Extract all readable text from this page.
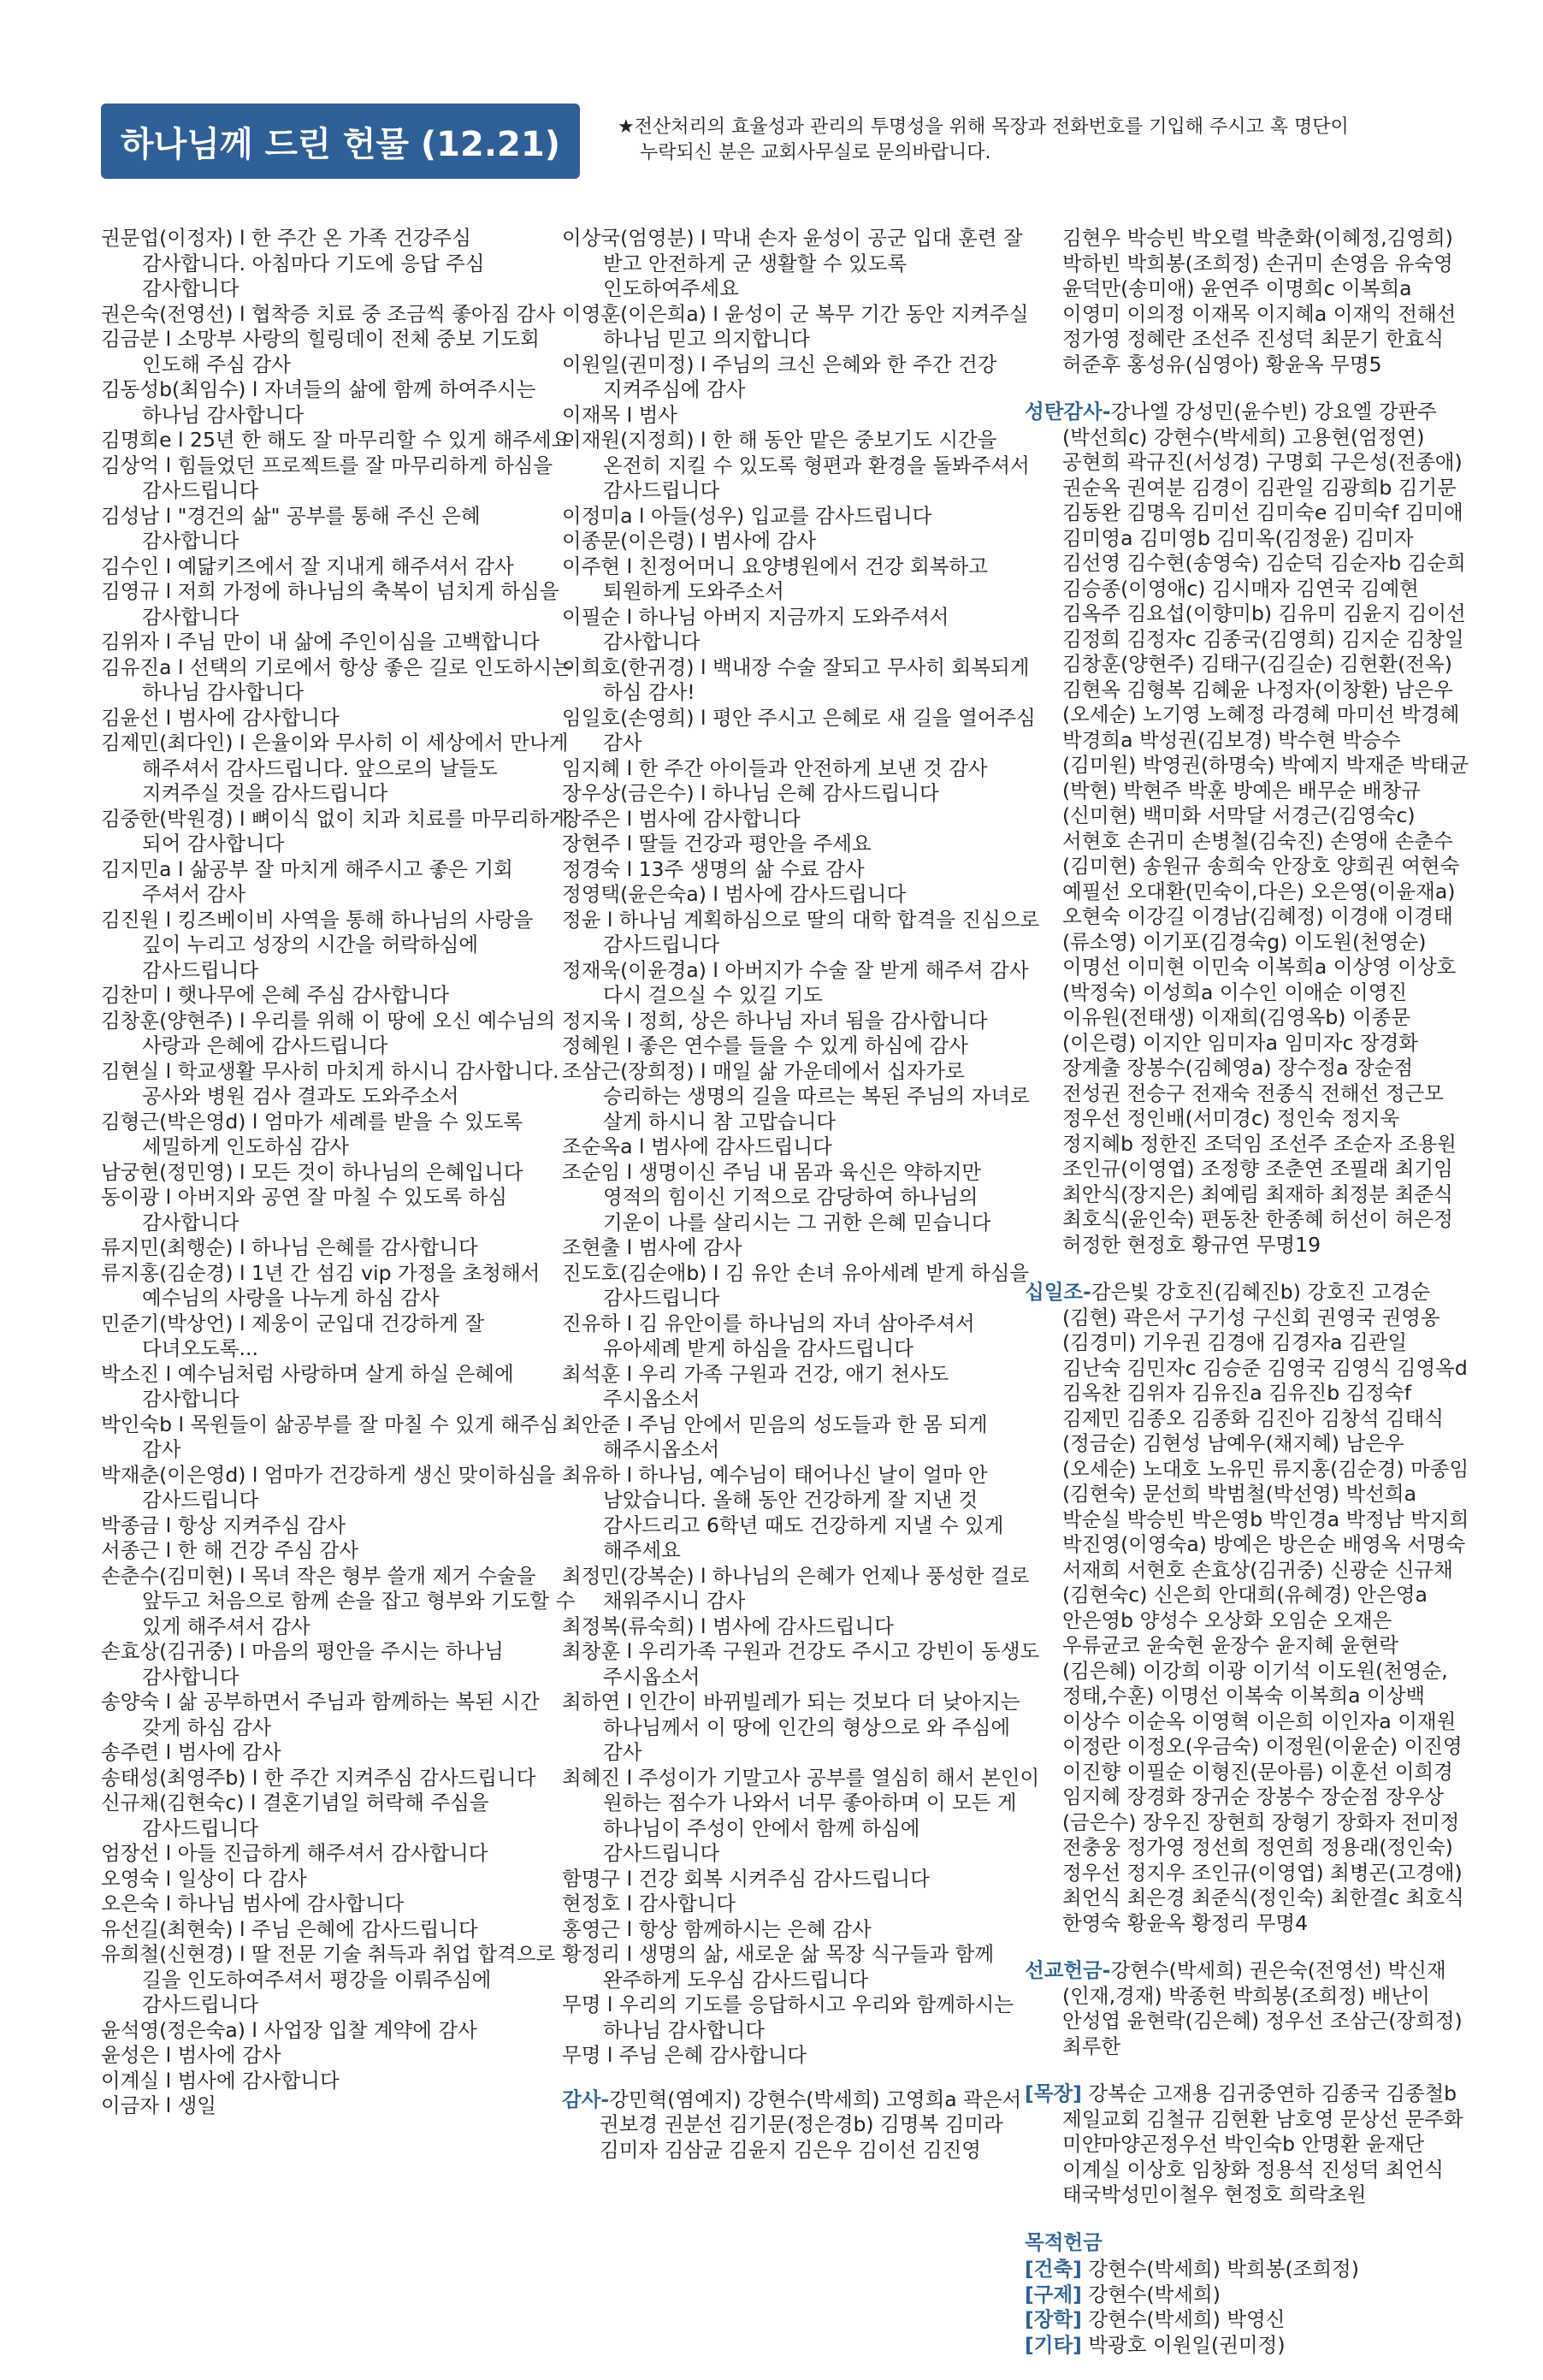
하나님께 드린 헌물 (12.21)	★전산처리의 효율성과 관리의 투명성을 위해 목장과 전화번호를 기입해 주시고 혹 명단이
누락되신 분은 교회사무실로 문의바랍니다.

권문업(이정자) l 한 주간 온 가족 건강주심 감사합니다. 아침마다 기도에 응답 주심 감사합니다

권은숙(전영선) l 협착증 치료 중 조금씩 좋아짐 감사

김금분 l 소망부 사랑의 힐링데이 전체 중보 기도회 인도해 주심 감사

김동성b(최임수) l 자녀들의 삶에 함께 하여주시는 하나님 감사합니다

김명희e l 25년 한 해도 잘 마무리할 수 있게 해주세요

김상억 l 힘들었던 프로젝트를 잘 마무리하게 하심을 감사드립니다

김성남 l "경건의 삶" 공부를 통해 주신 은혜 감사합니다

김수인 l 예닮키즈에서 잘 지내게 해주셔서 감사

김영규 l 저희 가정에 하나님의 축복이 넘치게 하심을 감사합니다

김위자 l 주님 만이 내 삶에 주인이심을 고백합니다

김유진a l 선택의 기로에서 항상 좋은 길로 인도하시는 하나님 감사합니다

김윤선 l 범사에 감사합니다

김제민(최다인) l 은율이와 무사히 이 세상에서 만나게 해주셔서 감사드립니다. 앞으로의 날들도 지켜주실 것을 감사드립니다

김중한(박원경) l 뼈이식 없이 치과 치료를 마무리하게 되어 감사합니다

김지민a l 삶공부 잘 마치게 해주시고 좋은 기회 주셔서 감사

김진원 l 킹즈베이비 사역을 통해 하나님의 사랑을 깊이 누리고 성장의 시간을 허락하심에 감사드립니다

김찬미 l 햇나무에 은혜 주심 감사합니다

김창훈(양현주) l 우리를 위해 이 땅에 오신 예수님의 사랑과 은혜에 감사드립니다

김현실 l 학교생활 무사히 마치게 하시니 감사합니다. 공사와 병원 검사 결과도 도와주소서

김형근(박은영d) l 엄마가 세례를 받을 수 있도록 세밀하게 인도하심 감사

남궁현(정민영) l 모든 것이 하나님의 은혜입니다

동이광 l 아버지와 공연 잘 마칠 수 있도록 하심 감사합니다

류지민(최행순) l 하나님 은혜를 감사합니다

류지홍(김순경) l 1년 간 섬김 vip 가정을 초청해서 예수님의 사랑을 나누게 하심 감사

민준기(박상언) l 제웅이 군입대 건강하게 잘 다녀오도록...

박소진 l 예수님처럼 사랑하며 살게 하실 은혜에 감사합니다

박인숙b l 목원들이 삶공부를 잘 마칠 수 있게 해주심 감사

박재춘(이은영d) l 엄마가 건강하게 생신 맞이하심을 감사드립니다

박종금 l 항상 지켜주심 감사

서종근 l 한 해 건강 주심 감사

손춘수(김미현) l 목녀 작은 형부 쓸개 제거 수술을 앞두고 처음으로 함께 손을 잡고 형부와 기도할 수 있게 해주셔서 감사

손효상(김귀중) l 마음의 평안을 주시는 하나님 감사합니다

송양숙 l 삶 공부하면서 주님과 함께하는 복된 시간 갖게 하심 감사

송주련 l 범사에 감사

송태성(최영주b) l 한 주간 지켜주심 감사드립니다

신규채(김현숙c) l 결혼기념일 허락해 주심을 감사드립니다

엄장선 l 아들 진급하게 해주셔서 감사합니다

오영숙 l 일상이 다 감사

오은숙 l 하나님 범사에 감사합니다

유선길(최현숙) l 주님 은혜에 감사드립니다

유희철(신현경) l 딸 전문 기술 취득과 취업 합격으로 길을 인도하여주셔서 평강을 이뤄주심에 감사드립니다

윤석영(정은숙a) l 사업장 입찰 계약에 감사

윤성은 l 범사에 감사

이계실 l 범사에 감사합니다

이금자 l 생일

이상국(엄영분) l 막내 손자 윤성이 공군 입대 훈련 잘 받고 안전하게 군 생활할 수 있도록 인도하여주세요

이영훈(이은희a) l 윤성이 군 복무 기간 동안 지켜주실 하나님 믿고 의지합니다

이원일(권미정) l 주님의 크신 은혜와 한 주간 건강 지켜주심에 감사

이재목 l 범사

이재원(지정희) l 한 해 동안 맡은 중보기도 시간을 온전히 지킬 수 있도록 형편과 환경을 돌봐주셔서 감사드립니다

이정미a l 아들(성우) 입교를 감사드립니다

이종문(이은령) l 범사에 감사

이주현 l 친정어머니 요양병원에서 건강 회복하고 퇴원하게 도와주소서

이필순 l 하나님 아버지 지금까지 도와주셔서 감사합니다

이희호(한귀경) l 백내장 수술 잘되고 무사히 회복되게 하심 감사!

임일호(손영희) l 평안 주시고 은혜로 새 길을 열어주심 감사

임지혜 l 한 주간 아이들과 안전하게 보낸 것 감사

장우상(금은수) l 하나님 은혜 감사드립니다

장주은 l 범사에 감사합니다

장현주 l 딸들 건강과 평안을 주세요

정경숙 l 13주 생명의 삶 수료 감사

정영택(윤은숙a) l 범사에 감사드립니다

정윤 l 하나님 계획하심으로 딸의 대학 합격을 진심으로 감사드립니다

정재욱(이윤경a) l 아버지가 수술 잘 받게 해주셔 감사 다시 걸으실 수 있길 기도

정지욱 l 정희, 상은 하나님 자녀 됨을 감사합니다

정혜원 l 좋은 연수를 들을 수 있게 하심에 감사

조삼근(장희정) l 매일 삶 가운데에서 십자가로 승리하는 생명의 길을 따르는 복된 주님의 자녀로 살게 하시니 참 고맙습니다

조순옥a l 범사에 감사드립니다

조순임 l 생명이신 주님 내 몸과 육신은 약하지만 영적의 힘이신 기적으로 감당하여 하나님의 기운이 나를 살리시는 그 귀한 은혜 믿습니다

조현출 l 범사에 감사

진도호(김순애b) l 김 유안 손녀 유아세례 받게 하심을 감사드립니다

진유하 l 김 유안이를 하나님의 자녀 삼아주셔서 유아세례 받게 하심을 감사드립니다

최석훈 l 우리 가족 구원과 건강, 애기 천사도 주시옵소서

최안준 l 주님 안에서 믿음의 성도들과 한 몸 되게 해주시옵소서

최유하 l 하나님, 예수님이 태어나신 날이 얼마 안 남았습니다. 올해 동안 건강하게 잘 지낸 것 감사드리고 6학년 때도 건강하게 지낼 수 있게 해주세요

최정민(강복순) l 하나님의 은혜가 언제나 풍성한 걸로 채워주시니 감사

최정복(류숙희) l 범사에 감사드립니다

최창훈 l 우리가족 구원과 건강도 주시고 강빈이 동생도 주시옵소서

최하연 l 인간이 바뀌빌레가 되는 것보다 더 낮아지는 하나님께서 이 땅에 인간의 형상으로 와 주심에 감사

최혜진 l 주성이가 기말고사 공부를 열심히 해서 본인이 원하는 점수가 나와서 너무 좋아하며 이 모든 게 하나님이 주성이 안에서 함께 하심에 감사드립니다

함명구 l 건강 회복 시켜주심 감사드립니다

현정호 l 감사합니다

홍영근 l 항상 함께하시는 은혜 감사

황정리 l 생명의 삶, 새로운 삶 목장 식구들과 함께 완주하게 도우심 감사드립니다

무명 l 우리의 기도를 응답하시고 우리와 함께하시는 하나님 감사합니다

무명 l 주님 은혜 감사합니다

감사-강민혁(염예지) 강현수(박세희) 고영희a 곽은서 권보경 권분선 김기문(정은경b) 김명복 김미라 김미자 김삼균 김윤지 김은우 김이선 김진영
김현우 박승빈 박오렬 박춘화(이혜정,김영희) 박하빈 박희봉(조희정) 손귀미 손영음 유숙영 윤덕만(송미애) 윤연주 이명희c 이복희a 이영미 이의정 이재목 이지혜a 이재익 전해선 정가영 정혜란 조선주 진성덕 최문기 한효식 허준후 홍성유(심영아) 황윤옥 무명5
성탄감사-강나엘 강성민(윤수빈) 강요엘 강판주(박선희c) 강현수(박세희) 고용현(엄정연) 공현희 곽규진(서성경) 구명회 구은성(전종애) 권순옥 권여분 김경이 김관일 김광희b 김기문 김동완 김명옥 김미선 김미숙e 김미숙f 김미애 김미영a 김미영b 김미옥(김정윤) 김미자 김선영 김수현(송영숙) 김순덕 김순자b 김순희 김승종(이영애c) 김시매자 김연국 김예현 김옥주 김요섭(이향미b) 김유미 김윤지 김이선 김정희 김정자c 김종국(김영희) 김지순 김창일 김창훈(양현주) 김태구(김길순) 김현환(전옥) 김현옥 김형복 김혜윤 나정자(이창환) 남은우(오세순) 노기영 노혜정 라경혜 마미선 박경혜 박경희a 박성권(김보경) 박수현 박승수(김미원) 박영권(하명숙) 박예지 박재준 박태균(박현) 박현주 박훈 방예은 배무순 배창규(신미현) 백미화 서막달 서경근(김영숙c) 서현호 손귀미 손병철(김숙진) 손영애 손춘수(김미현) 송원규 송희숙 안장호 양희권 여현숙 예필선 오대환(민숙이,다은) 오은영(이윤재a) 오현숙 이강길 이경남(김혜정) 이경애 이경태(류소영) 이기포(김경숙g) 이도원(천영순) 이명선 이미현 이민숙 이복희a 이상영 이상호(박정숙) 이성희a 이수인 이애순 이영진 이유원(전태생) 이재희(김영옥b) 이종문(이은령) 이지안 임미자a 임미자c 장경화 장계출 장봉수(김혜영a) 장수정a 장순점 전성권 전승구 전재숙 전종식 전해선 정근모 정우선 정인배(서미경c) 정인숙 정지욱 정지혜b 정한진 조덕임 조선주 조순자 조용원 조인규(이영엽) 조정향 조춘연 조필래 최기임 최안식(장지은) 최예림 최재하 최정분 최준식 최호식(윤인숙) 편동찬 한종혜 허선이 허은정 허정한 현정호 황규연 무명19
십일조-감은빛 강호진(김혜진b) 강호진 고경순(김현) 곽은서 구기성 구신회 권영국 권영옹(김경미) 기우권 김경애 김경자a 김관일 김난숙 김민자c 김승준 김영국 김영식 김영옥d 김옥찬 김위자 김유진a 김유진b 김정숙f 김제민 김종오 김종화 김진아 김창석 김태식(정금순) 김현성 남예우(채지혜) 남은우(오세순) 노대호 노유민 류지홍(김순경) 마종임(김현숙) 문선희 박범철(박선영) 박선희a 박순실 박승빈 박은영b 박인경a 박정남 박지희 박진영(이영숙a) 방예은 방은순 배영옥 서명숙 서재희 서현호 손효상(김귀중) 신광순 신규채(김현숙c) 신은희 안대희(유혜경) 안은영a 안은영b 양성수 오상화 오임순 오재은 우류균코 윤숙현 윤장수 윤지혜 윤현락(김은혜) 이강희 이광 이기석 이도원(천영순,정태,수훈) 이명선 이복숙 이복희a 이상백 이상수 이순옥 이영혁 이은희 이인자a 이재원 이정란 이정오(우금숙) 이정원(이윤순) 이진영 이진향 이필순 이형진(문아름) 이훈선 이희경 임지혜 장경화 장귀순 장봉수 장순점 장우상(금은수) 장우진 장현희 장형기 장화자 전미정 전충웅 정가영 정선희 정연희 정용래(정인숙) 정우선 정지우 조인규(이영엽) 최병곤(고경애) 최언식 최은경 최준식(정인숙) 최한결c 최호식 한영숙 황윤옥 황정리 무명4
선교헌금-강현수(박세희) 권은숙(전영선) 박신재(인재,경재) 박종헌 박희봉(조희정) 배난이 안성엽 윤현락(김은혜) 정우선 조삼근(장희정) 최루한
[목장] 강복순 고재용 김귀중연하 김종국 김종철b 제일교회 김철규 김현환 남호영 문상선 문주화 미얀마양곤정우선 박인숙b 안명환 윤재단 이계실 이상호 임창화 정용석 진성덕 최언식 태국박성민이철우 현정호 희락초원
목적헌금
[건축] 강현수(박세희) 박희봉(조희정)
[구제] 강현수(박세희)
[장학] 강현수(박세희) 박영신
[기타] 박광호 이원일(권미정)
